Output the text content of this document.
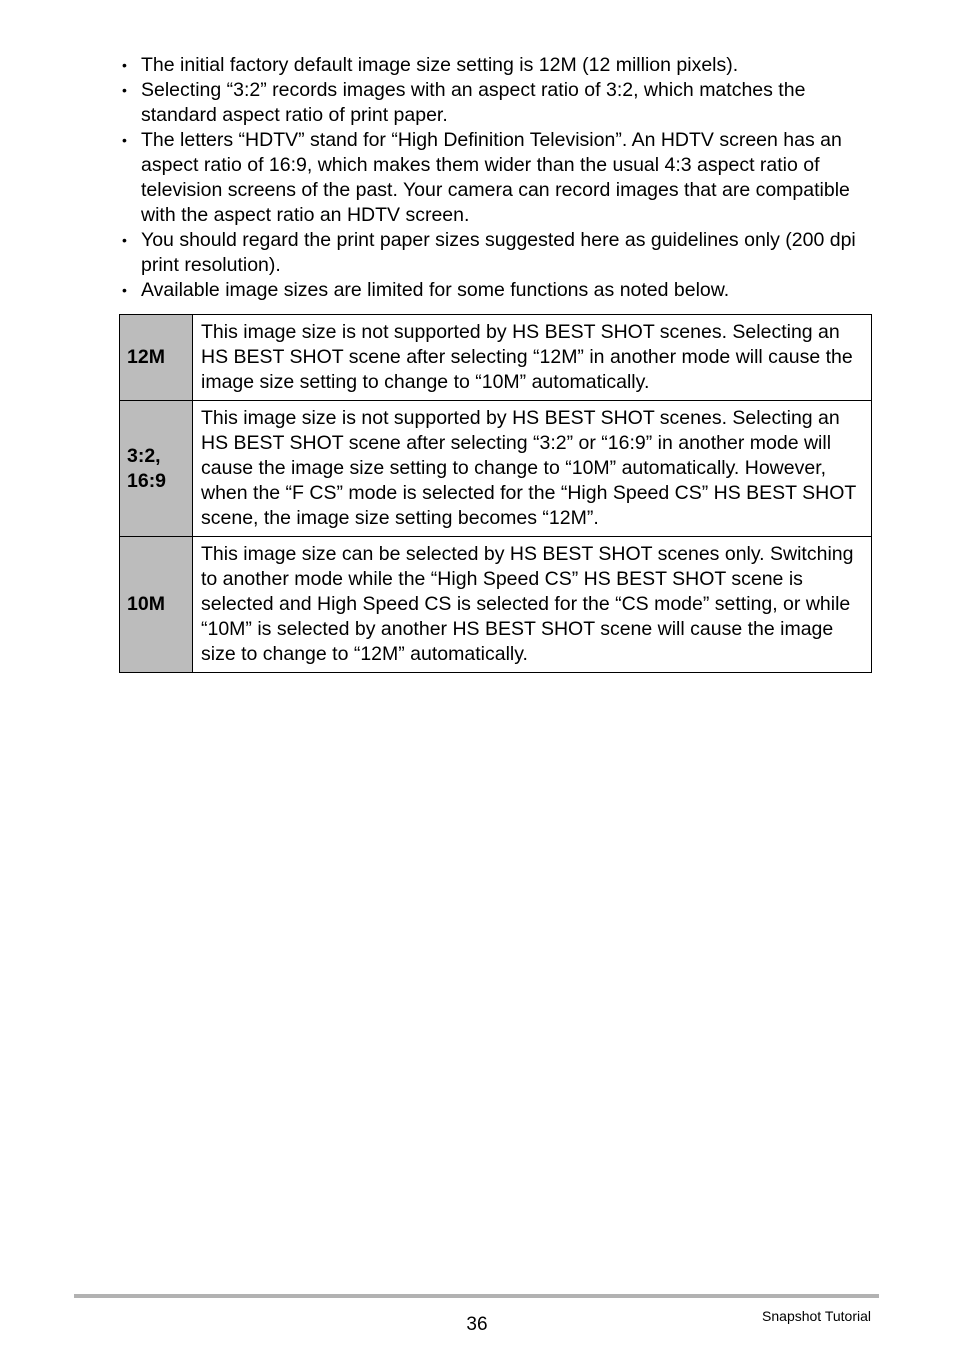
• The initial factory default image size setting is 12M (12 million pixels).
• Selecting “3:2” records images with an aspect ratio of 3:2, which matches the standard aspect ratio of print paper.
• The letters “HDTV” stand for “High Definition Television”. An HDTV screen has an aspect ratio of 16:9, which makes them wider than the usual 4:3 aspect ratio of television screens of the past. Your camera can record images that are compatible with the aspect ratio an HDTV screen.
• You should regard the print paper sizes suggested here as guidelines only (200 dpi print resolution).
• Available image sizes are limited for some functions as noted below.
12M	This image size is not supported by HS BEST SHOT scenes. Selecting an HS BEST SHOT scene after selecting “12M” in another mode will cause the image size setting to change to “10M” automatically.
3:2,
16:9	This image size is not supported by HS BEST SHOT scenes. Selecting an HS BEST SHOT scene after selecting “3:2” or “16:9” in another mode will cause the image size setting to change to “10M” automatically. However, when the “F CS” mode is selected for the “High Speed CS” HS BEST SHOT scene, the image size setting becomes “12M”.
10M	This image size can be selected by HS BEST SHOT scenes only. Switching to another mode while the “High Speed CS” HS BEST SHOT scene is selected and High Speed CS is selected for the “CS mode” setting, or while “10M” is selected by another HS BEST SHOT scene will cause the image size to change to “12M” automatically.
36	Snapshot Tutorial
